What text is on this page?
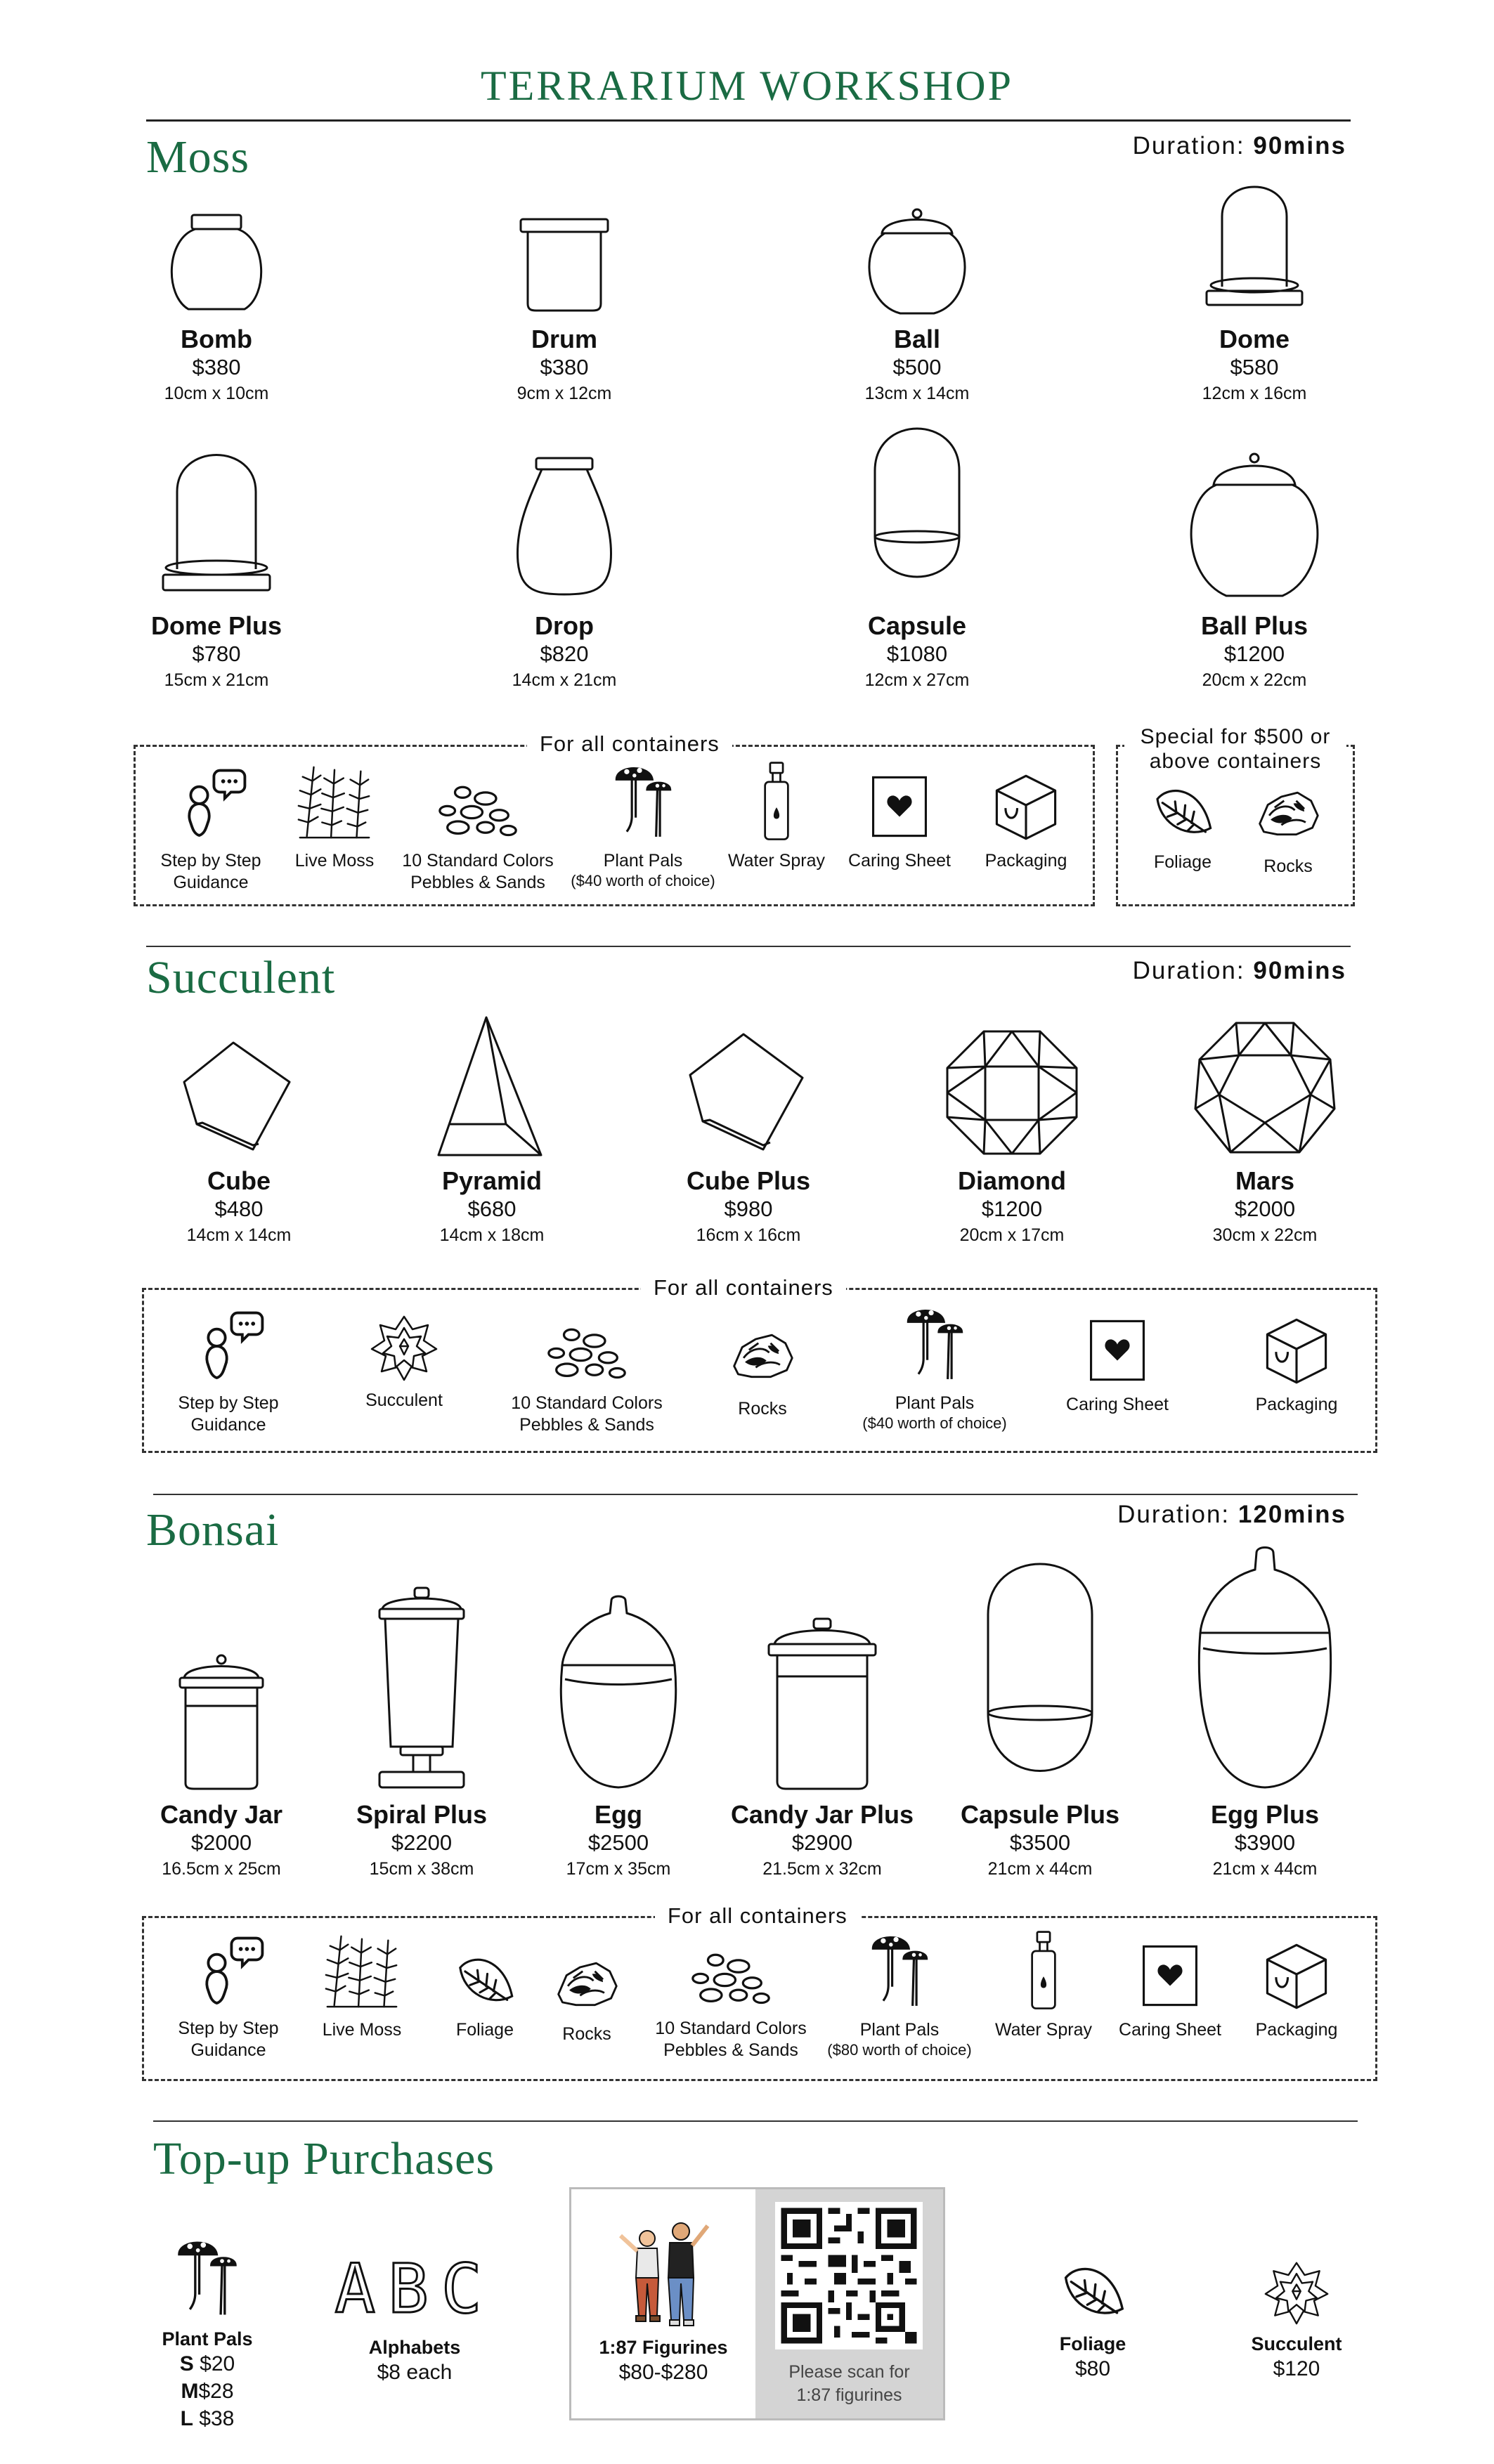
TERRARIUM WORKSHOP
Moss	Duration: 90mins
Bomb
$380
10cm x 10cm
Drum
$380
9cm x 12cm
Ball
$500
13cm x 14cm
Dome
$580
12cm x 16cm
Dome Plus
$780
15cm x 21cm
Drop
$820
14cm x 21cm
Capsule
$1080
12cm x 27cm
Ball Plus
$1200
20cm x 22cm
For all containers
Step by Step Guidance
Live Moss	10 Standard Colors Pebbles & Sands
Plant Pals
($40 worth of choice)
Water Spray	Caring Sheet	Packaging
Special for $500 or above containers
Foliage	Rocks
Succulent	Duration: 90mins
Cube
$480
14cm x 14cm
Pyramid
$680
14cm x 18cm
Cube Plus
$980
16cm x 16cm
Diamond
$1200
20cm x 17cm
Mars
$2000
30cm x 22cm
For all containers
Step by Step Guidance
Succulent	10 Standard Colors Pebbles & Sands
Rocks	Plant Pals
($40 worth of choice)
Caring Sheet	Packaging
Bonsai	Duration: 120mins
Candy Jar
$2000
16.5cm x 25cm
Spiral Plus
$2200
15cm x 38cm
Egg
$2500
17cm x 35cm
Candy Jar Plus
$2900
21.5cm x 32cm
Capsule Plus
$3500
21cm x 44cm
Egg Plus
$3900
21cm x 44cm
For all containers
Step by Step Guidance
Live Moss	Foliage	Rocks	10 Standard Colors Pebbles & Sands
Plant Pals
($80 worth of choice)
Water Spray	Caring Sheet	Packaging
Top-up Purchases
Plant Pals
S $20
M$28
L $38
ABC
Alphabets
$8 each
1:87 Figurines
$80-$280	Please scan for 1:87 figurines
Foliage
$80
Succulent
$120
